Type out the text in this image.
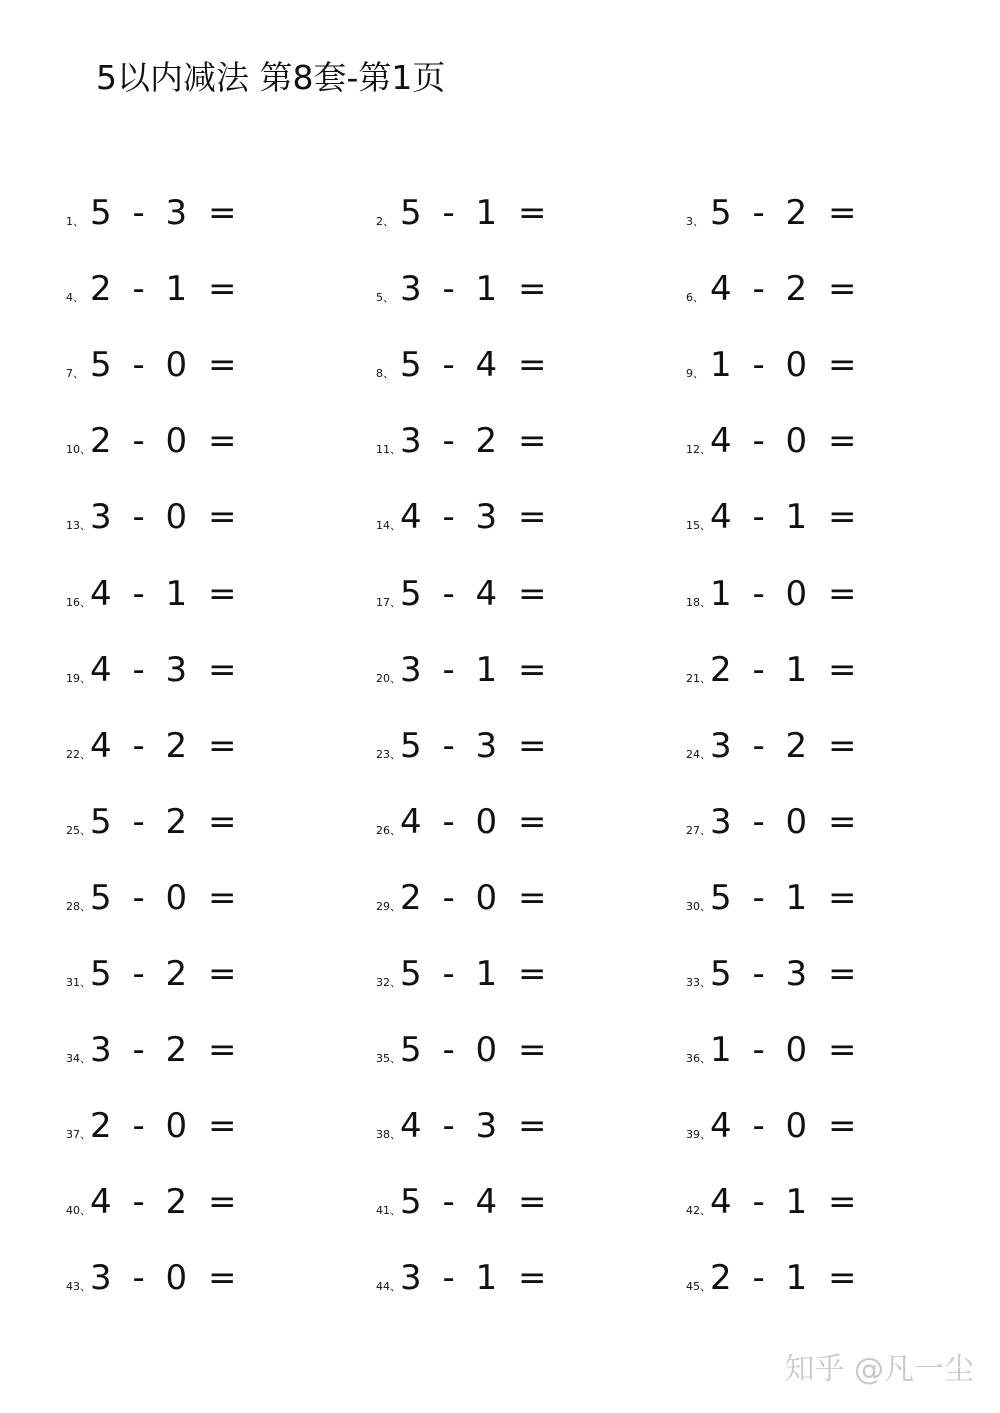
5以内减法 第8套-第1页
1、 5 - 3 =	2、 5 - 1 =	3、 5 - 2 =
4、 2 - 1 =	5、 3 - 1 =	6、 4 - 2 =
7、 5 - 0 =	8、 5 - 4 =	9、 1 - 0 =
10、 2 - 0 =	11、 3 - 2 =	12、 4 - 0 =
13、 3 - 0 =	14、 4 - 3 =	15、 4 - 1 =
16、 4 - 1 =	17、 5 - 4 =	18、 1 - 0 =
19、 4 - 3 =	20、 3 - 1 =	21、 2 - 1 =
22、 4 - 2 =	23、 5 - 3 =	24、 3 - 2 =
25、 5 - 2 =	26、 4 - 0 =	27、 3 - 0 =
28、 5 - 0 =	29、 2 - 0 =	30、 5 - 1 =
31、 5 - 2 =	32、 5 - 1 =	33、 5 - 3 =
34、 3 - 2 =	35、 5 - 0 =	36、 1 - 0 =
37、 2 - 0 =	38、 4 - 3 =	39、 4 - 0 =
40、 4 - 2 =	41、 5 - 4 =	42、 4 - 1 =
43、 3 - 0 =	44、 3 - 1 =	45、 2 - 1 =
知乎 @凡一尘
